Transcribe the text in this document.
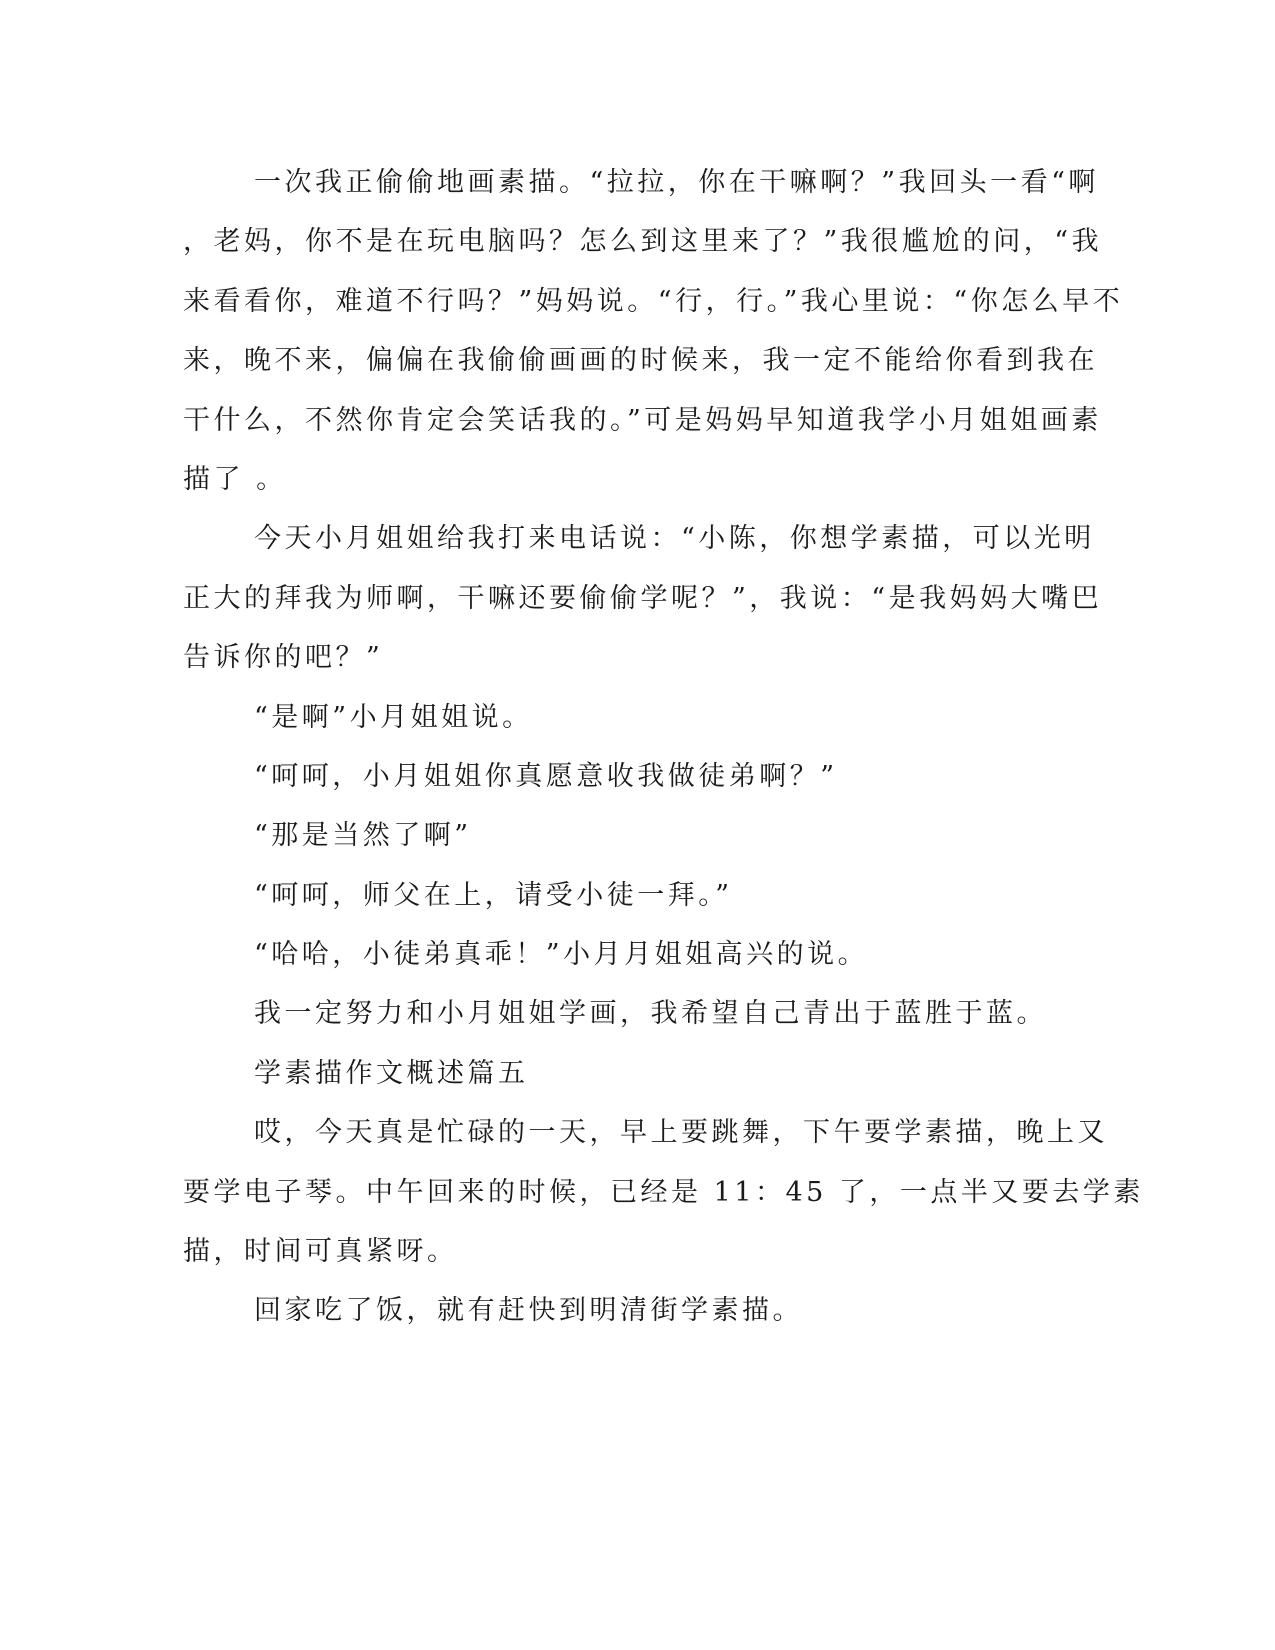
一次我正偷偷地画素描。“拉拉，你在干嘛啊？”我回头一看“啊
，老妈，你不是在玩电脑吗？怎么到这里来了？”我很尴尬的问，“我
来看看你，难道不行吗？”妈妈说。“行，行。”我心里说：“你怎么早不
来，晚不来，偏偏在我偷偷画画的时候来，我一定不能给你看到我在
干什么，不然你肯定会笑话我的。”可是妈妈早知道我学小月姐姐画素
描了 。
今天小月姐姐给我打来电话说：“小陈，你想学素描，可以光明
正大的拜我为师啊，干嘛还要偷偷学呢？”，我说：“是我妈妈大嘴巴
告诉你的吧？”
“是啊”小月姐姐说。
“呵呵，小月姐姐你真愿意收我做徒弟啊？”
“那是当然了啊”
“呵呵，师父在上，请受小徒一拜。”
“哈哈，小徒弟真乖！”小月月姐姐高兴的说。
我一定努力和小月姐姐学画，我希望自己青出于蓝胜于蓝。
学素描作文概述篇五
哎，今天真是忙碌的一天，早上要跳舞，下午要学素描，晚上又
要学电子琴。中午回来的时候，已经是 11：45 了，一点半又要去学素
描，时间可真紧呀。
回家吃了饭，就有赶快到明清街学素描。
